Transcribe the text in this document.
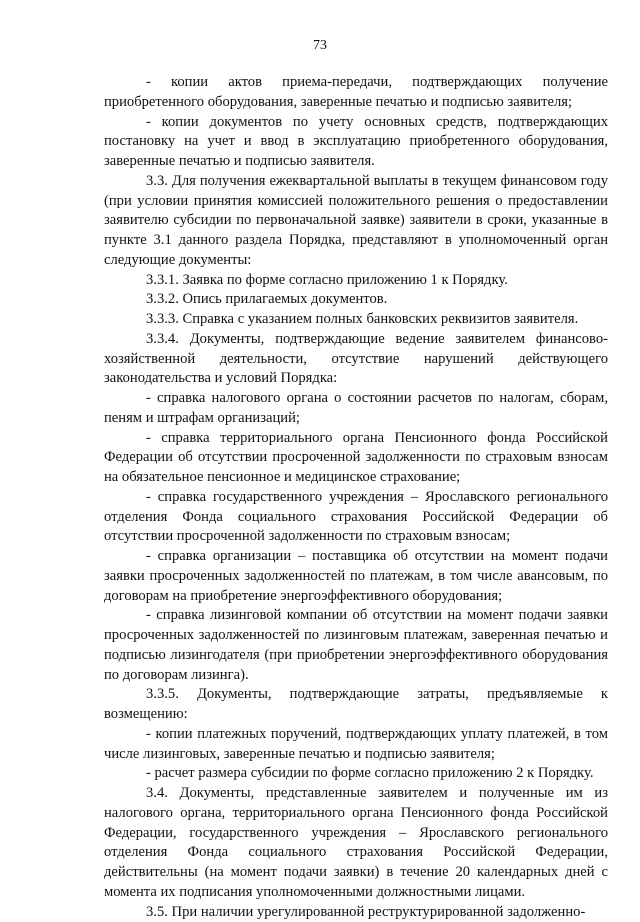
73

- копии актов приема-передачи, подтверждающих получение приобретенного оборудования, заверенные печатью и подписью заявителя;

- копии документов по учету основных средств, подтверждающих постановку на учет и ввод в эксплуатацию приобретенного оборудования, заверенные печатью и подписью заявителя.

3.3. Для получения ежеквартальной выплаты в текущем финансовом году (при условии принятия комиссией положительного решения о предоставлении заявителю субсидии по первоначальной заявке) заявители в сроки, указанные в пункте 3.1 данного раздела Порядка, представляют в уполномоченный орган следующие документы:

3.3.1. Заявка по форме согласно приложению 1 к Порядку.

3.3.2. Опись прилагаемых документов.

3.3.3. Справка с указанием полных банковских реквизитов заявителя.

3.3.4. Документы, подтверждающие ведение заявителем финансово-хозяйственной деятельности, отсутствие нарушений действующего законодательства и условий Порядка:

- справка налогового органа о состоянии расчетов по налогам, сборам, пеням и штрафам организаций;

- справка территориального органа Пенсионного фонда Российской Федерации об отсутствии просроченной задолженности по страховым взносам на обязательное пенсионное и медицинское страхование;

- справка государственного учреждения – Ярославского регионального отделения Фонда социального страхования Российской Федерации об отсутствии просроченной задолженности по страховым взносам;

- справка организации – поставщика об отсутствии на момент подачи заявки просроченных задолженностей по платежам, в том числе авансовым, по договорам на приобретение энергоэффективного оборудования;

- справка лизинговой компании об отсутствии на момент подачи заявки просроченных задолженностей по лизинговым платежам, заверенная печатью и подписью лизингодателя (при приобретении энергоэффективного оборудования по договорам лизинга).

3.3.5. Документы, подтверждающие затраты, предъявляемые к возмещению:

- копии платежных поручений, подтверждающих уплату платежей, в том числе лизинговых, заверенные печатью и подписью заявителя;

- расчет размера субсидии по форме согласно приложению 2 к Порядку.

3.4. Документы, представленные заявителем и полученные им из налогового органа, территориального органа Пенсионного фонда Российской Федерации, государственного учреждения – Ярославского регионального отделения Фонда социального страхования Российской Федерации, действительны (на момент подачи заявки) в течение 20 календарных дней с момента их подписания уполномоченными должностными лицами.

3.5. При наличии урегулированной реструктурированной задолженно-
